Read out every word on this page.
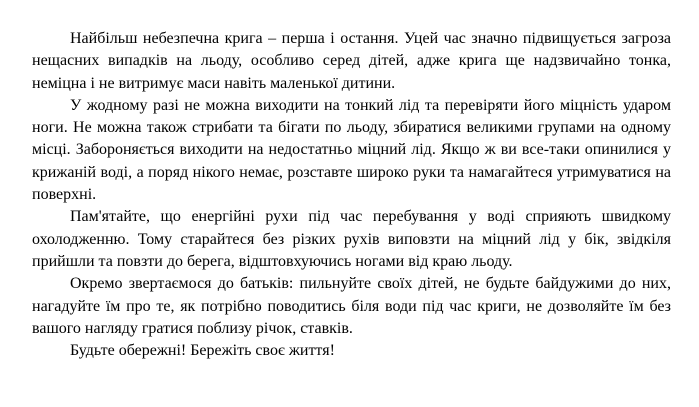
Найбільш небезпечна крига – перша і остання. Уцей час значно підвищується загроза нещасних випадків на льоду, особливо серед дітей, адже крига ще надзвичайно тонка, неміцна і не витримує маси навіть маленької дитини.

У жодному разі не можна виходити на тонкий лід та перевіряти його міцність ударом ноги. Не можна також стрибати та бігати по льоду, збиратися великими групами на одному місці. Забороняється виходити на недостатньо міцний лід. Якщо ж ви все-таки опинилися у крижаній воді, а поряд нікого немає, розставте широко руки та намагайтеся утримуватися на поверхні.

Пам'ятайте, що енергійні рухи під час перебування у воді сприяють швидкому охолодженню. Тому старайтеся без різких рухів виповзти на міцний лід у бік, звідкіля прийшли та повзти до берега, відштовхуючись ногами від краю льоду.

Окремо звертаємося до батьків: пильнуйте своїх дітей, не будьте байдужими до них, нагадуйте їм про те, як потрібно поводитись біля води під час криги, не дозволяйте їм без вашого нагляду гратися поблизу річок, ставків.

Будьте обережні! Бережіть своє життя!
